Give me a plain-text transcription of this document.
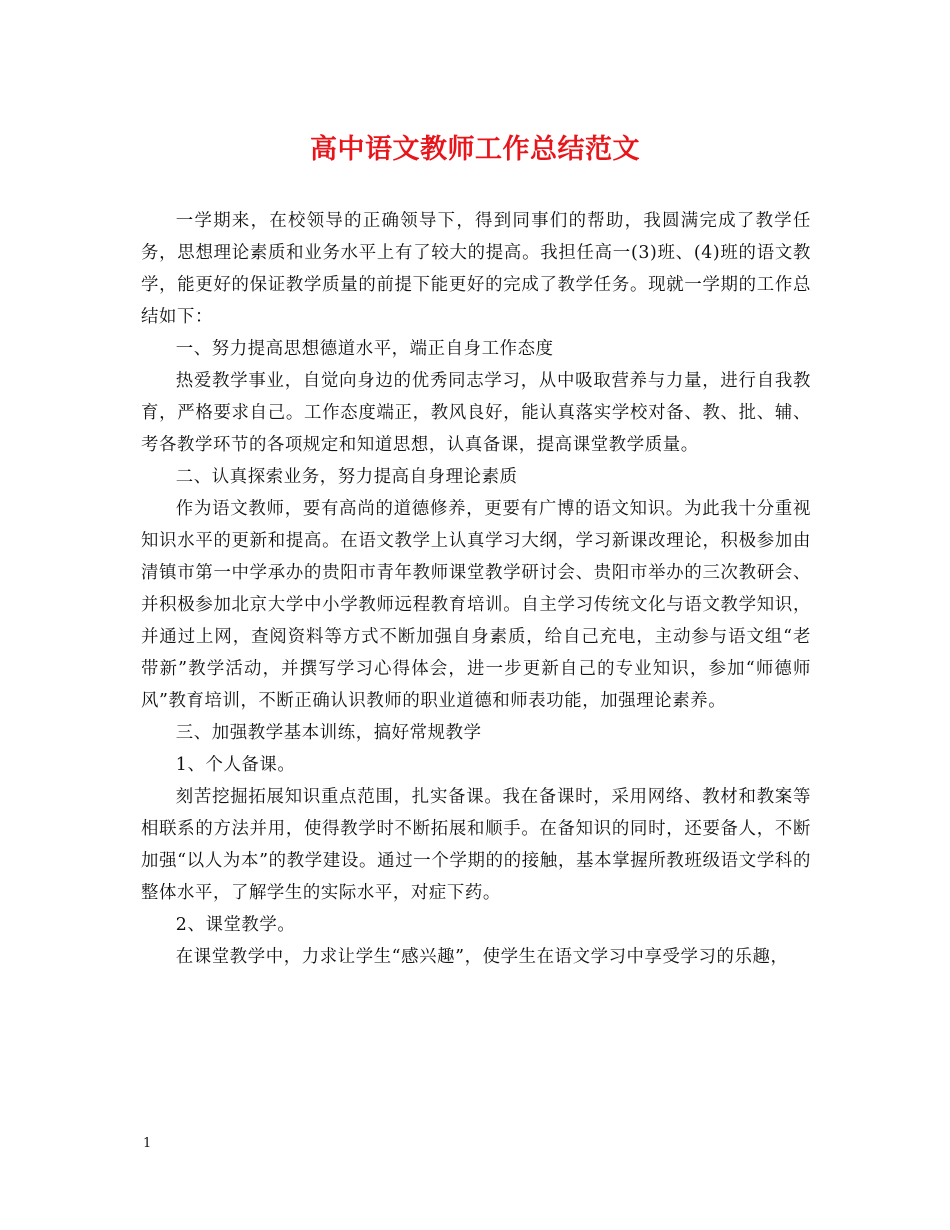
高中语文教师工作总结范文

一学期来，在校领导的正确领导下，得到同事们的帮助，我圆满完成了教学任务，思想理论素质和业务水平上有了较大的提高。我担任高一(3)班、(4)班的语文教学，能更好的保证教学质量的前提下能更好的完成了教学任务。现就一学期的工作总结如下：

一、努力提高思想德道水平，端正自身工作态度

热爱教学事业，自觉向身边的优秀同志学习，从中吸取营养与力量，进行自我教育，严格要求自己。工作态度端正，教风良好，能认真落实学校对备、教、批、辅、考各教学环节的各项规定和知道思想，认真备课，提高课堂教学质量。

二、认真探索业务，努力提高自身理论素质

作为语文教师，要有高尚的道德修养，更要有广博的语文知识。为此我十分重视知识水平的更新和提高。在语文教学上认真学习大纲，学习新课改理论，积极参加由清镇市第一中学承办的贵阳市青年教师课堂教学研讨会、贵阳市举办的三次教研会、并积极参加北京大学中小学教师远程教育培训。自主学习传统文化与语文教学知识，并通过上网，查阅资料等方式不断加强自身素质，给自己充电，主动参与语文组“老带新”教学活动，并撰写学习心得体会，进一步更新自己的专业知识，参加“师德师风”教育培训，不断正确认识教师的职业道德和师表功能，加强理论素养。

三、加强教学基本训练，搞好常规教学

1、个人备课。

刻苦挖掘拓展知识重点范围，扎实备课。我在备课时，采用网络、教材和教案等相联系的方法并用，使得教学时不断拓展和顺手。在备知识的同时，还要备人，不断加强“以人为本”的教学建设。通过一个学期的的接触，基本掌握所教班级语文学科的整体水平，了解学生的实际水平，对症下药。

2、课堂教学。

在课堂教学中，力求让学生“感兴趣”，使学生在语文学习中享受学习的乐趣，

1
